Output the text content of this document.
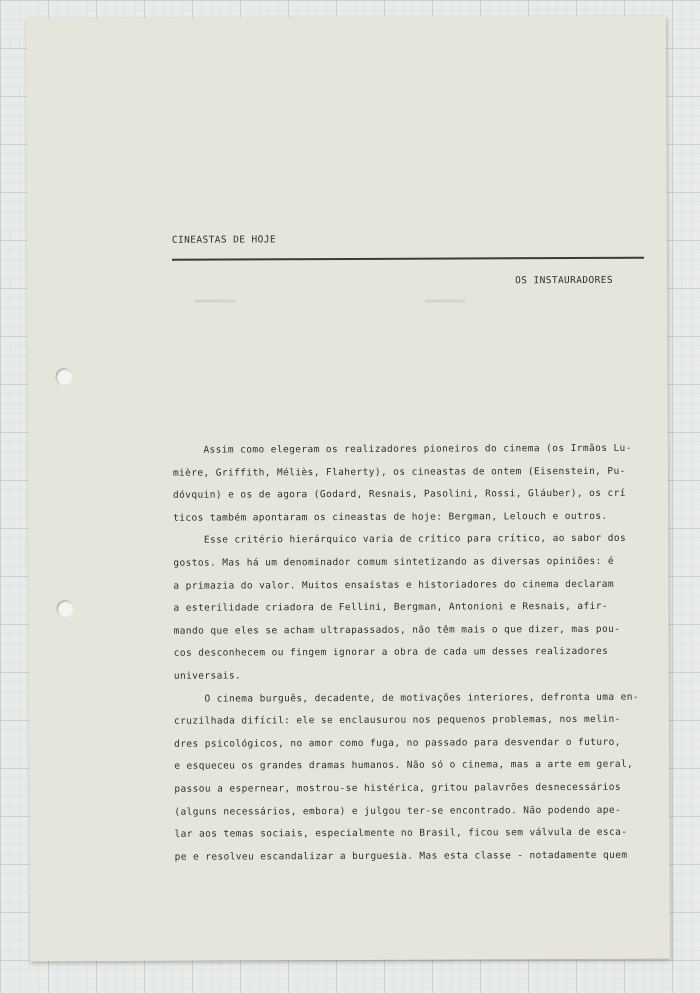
CINEASTAS DE HOJE
OS INSTAURADORES
Assim como elegeram os realizadores pioneiros do cinema (os Irmãos Lu-
mière, Griffith, Méliès, Flaherty), os cineastas de ontem (Eisenstein, Pu-
dóvquin) e os de agora (Godard, Resnais, Pasolini, Rossi, Gláuber), os crí
ticos também apontaram os cineastas de hoje: Bergman, Lelouch e outros.
Esse critério hierárquico varia de crítico para crítico, ao sabor dos
gostos. Mas há um denominador comum sintetizando as diversas opiniões: é
a primazia do valor. Muitos ensaístas e historiadores do cinema declaram
a esterilidade criadora de Fellini, Bergman, Antonioni e Resnais, afir-
mando que eles se acham ultrapassados, não têm mais o que dizer, mas pou-
cos desconhecem ou fingem ignorar a obra de cada um desses realizadores
universais.
O cinema burguês, decadente, de motivações interiores, defronta uma en-
cruzilhada difícil: ele se enclausurou nos pequenos problemas, nos melin-
dres psicológicos, no amor como fuga, no passado para desvendar o futuro,
e esqueceu os grandes dramas humanos. Não só o cinema, mas a arte em geral,
passou a espernear, mostrou-se histérica, gritou palavrões desnecessários
(alguns necessários, embora) e julgou ter-se encontrado. Não podendo ape-
lar aos temas sociais, especialmente no Brasil, ficou sem válvula de esca-
pe e resolveu escandalizar a burguesia. Mas esta classe - notadamente quem
